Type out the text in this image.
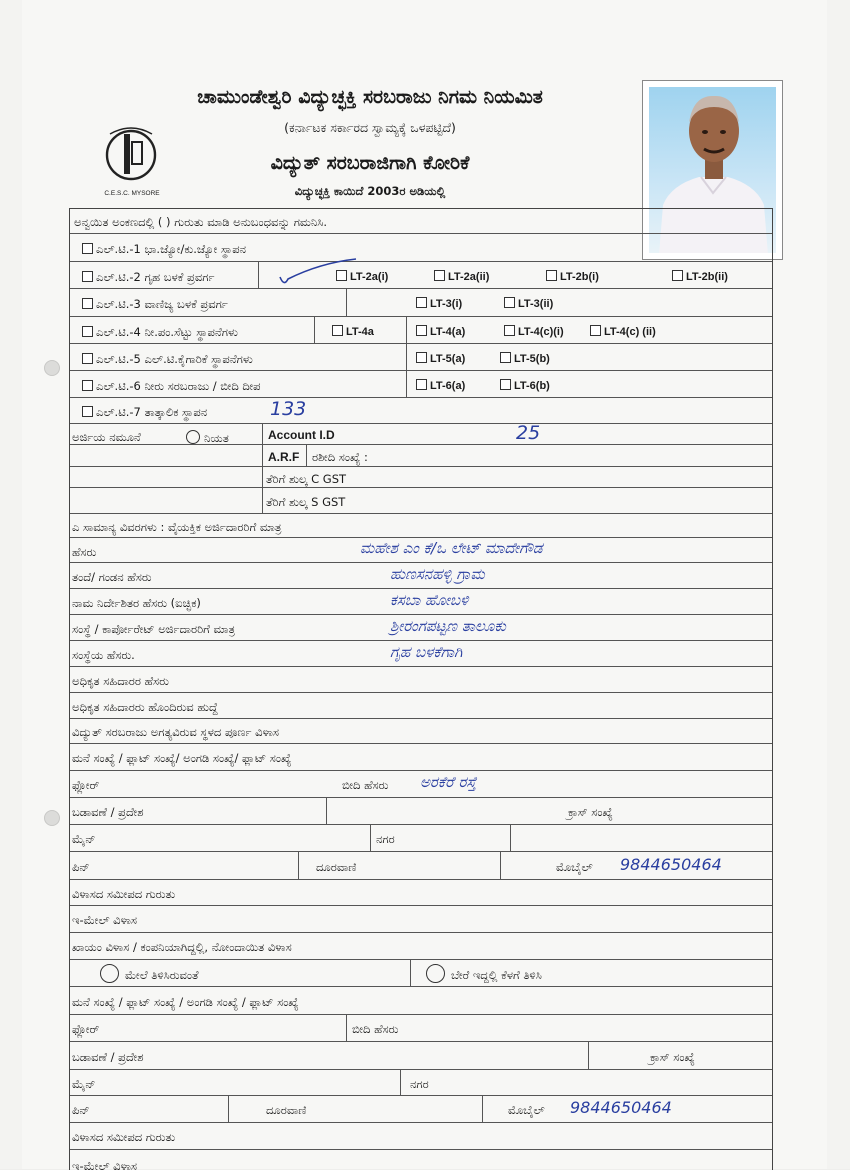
ಚಾಮುಂಡೇಶ್ವರಿ ವಿದ್ಯುಚ್ಛಕ್ತಿ ಸರಬರಾಜು ನಿಗಮ ನಿಯಮಿತ
(ಕರ್ನಾಟಕ ಸರ್ಕಾರದ ಸ್ವಾಮ್ಯಕ್ಕೆ ಒಳಪಟ್ಟಿದೆ)
ವಿದ್ಯುತ್ ಸರಬರಾಜಿಗಾಗಿ ಕೋರಿಕೆ
ವಿದ್ಯುಚ್ಛಕ್ತಿ ಕಾಯಿದೆ 2003ರ ಅಡಿಯಲ್ಲಿ
C.E.S.C. MYSORE
ಅನ್ವಯಿತ ಅಂಕಣದಲ್ಲಿ ( ) ಗುರುತು ಮಾಡಿ ಅನುಬಂಧವನ್ನು ಗಮನಿಸಿ.
ಎಲ್.ಟಿ.-1 ಭಾ.ಜ್ಯೋ/ಕು.ಜ್ಯೋ ಸ್ಥಾಪನ
ಎಲ್.ಟಿ.-2 ಗೃಹ ಬಳಕೆ ಪ್ರವರ್ಗ	LT-2a(i)	LT-2a(ii)	LT-2b(i)	LT-2b(ii)
ಎಲ್.ಟಿ.-3 ವಾಣಿಜ್ಯ ಬಳಕೆ ಪ್ರವರ್ಗ	LT-3(i)	LT-3(ii)
ಎಲ್.ಟಿ.-4 ನೀ.ಪಂ.ಸೆಟ್ಟು ಸ್ಥಾಪನೆಗಳು	LT-4a	LT-4(a)	LT-4(c)(i)	LT-4(c) (ii)
ಎಲ್.ಟಿ.-5 ಎಲ್.ಟಿ.ಕೈಗಾರಿಕೆ ಸ್ಥಾಪನೆಗಳು	LT-5(a)	LT-5(b)
ಎಲ್.ಟಿ.-6 ನೀರು ಸರಬರಾಜು / ಬೀದಿ ದೀಪ	LT-6(a)	LT-6(b)
ಎಲ್.ಟಿ.-7 ತಾತ್ಕಾಲಿಕ ಸ್ಥಾಪನ	133
ಅರ್ಜಿಯ ನಮೂನೆ	ನಿಯತ	Account I.D	25
A.R.F ರಶೀದಿ ಸಂಖ್ಯೆ :
ತೆರಿಗೆ ಶುಲ್ಕ C GST
ತೆರಿಗೆ ಶುಲ್ಕ S GST
ಎ ಸಾಮಾನ್ಯ ವಿವರಗಳು : ವೈಯಕ್ತಿಕ ಅರ್ಜಿದಾರರಿಗೆ ಮಾತ್ರ
ಹೆಸರು	ಮಹೇಶ ಎಂ ಕೆ/ಒ ಲೇಟ್ ಮಾದೇಗೌಡ
ತಂದೆ/ ಗಂಡನ ಹೆಸರು	ಹುಣಸನಹಳ್ಳಿ ಗ್ರಾಮ
ನಾಮ ನಿರ್ದೇಶಿತರ ಹೆಸರು (ಐಚ್ಛಿಕ)	ಕಸಬಾ ಹೋಬಳಿ
ಸಂಸ್ಥೆ / ಕಾರ್ಪೋರೇಟ್ ಅರ್ಜಿದಾರರಿಗೆ ಮಾತ್ರ	ಶ್ರೀರಂಗಪಟ್ಟಣ ತಾಲೂಕು
ಸಂಸ್ಥೆಯ ಹೆಸರು.	ಗೃಹ ಬಳಕೆಗಾಗಿ
ಅಧಿಕೃತ ಸಹಿದಾರರ ಹೆಸರು
ಅಧಿಕೃತ ಸಹಿದಾರರು ಹೊಂದಿರುವ ಹುದ್ದೆ
ವಿದ್ಯುತ್ ಸರಬರಾಜು ಅಗತ್ಯವಿರುವ ಸ್ಥಳದ ಪೂರ್ಣ ವಿಳಾಸ
ಮನೆ ಸಂಖ್ಯೆ / ಫ್ಲಾಟ್ ಸಂಖ್ಯೆ/ ಅಂಗಡಿ ಸಂಖ್ಯೆ/ ಫ್ಲಾಟ್ ಸಂಖ್ಯೆ
ಫ್ಲೋರ್	ಬೀದಿ ಹೆಸರು ಅರಕೆರೆ ರಸ್ತೆ
ಬಡಾವಣೆ / ಪ್ರದೇಶ	ಕ್ರಾಸ್ ಸಂಖ್ಯೆ
ಮೈನ್	ನಗರ
ಪಿನ್	ದೂರವಾಣಿ	ಮೊಬೈಲ್ 9844650464
ವಿಳಾಸದ ಸಮೀಪದ ಗುರುತು
ಇ-ಮೇಲ್ ವಿಳಾಸ
ಖಾಯಂ ವಿಳಾಸ / ಕಂಪನಿಯಾಗಿದ್ದಲ್ಲಿ, ನೋಂದಾಯಿತ ವಿಳಾಸ
ಮೇಲೆ ತಿಳಿಸಿರುವಂತೆ	ಬೇರೆ ಇದ್ದಲ್ಲಿ ಕೆಳಗೆ ತಿಳಿಸಿ
ಮನೆ ಸಂಖ್ಯೆ / ಫ್ಲಾಟ್ ಸಂಖ್ಯೆ / ಅಂಗಡಿ ಸಂಖ್ಯೆ / ಫ್ಲಾಟ್ ಸಂಖ್ಯೆ
ಫ್ಲೋರ್	ಬೀದಿ ಹೆಸರು
ಬಡಾವಣೆ / ಪ್ರದೇಶ	ಕ್ರಾಸ್ ಸಂಖ್ಯೆ
ಮೈನ್	ನಗರ
ಪಿನ್	ದೂರವಾಣಿ	ಮೊಬೈಲ್ 9844650464
ವಿಳಾಸದ ಸಮೀಪದ ಗುರುತು
ಇ-ಮೇಲ್ ವಿಳಾಸ
